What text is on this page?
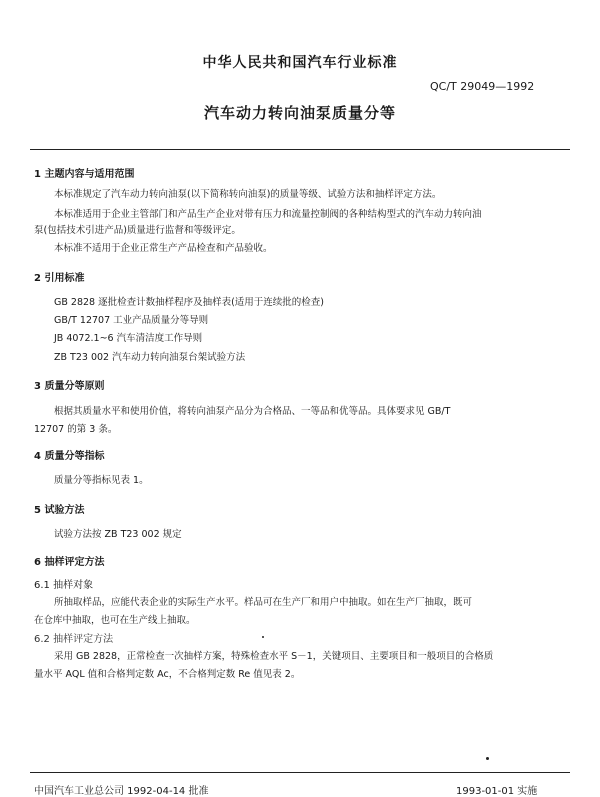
中华人民共和国汽车行业标准
QC/T 29049—1992
汽车动力转向油泵质量分等
1 主题内容与适用范围
本标准规定了汽车动力转向油泵(以下简称转向油泵)的质量等级、试验方法和抽样评定方法。
本标准适用于企业主管部门和产品生产企业对带有压力和流量控制阀的各种结构型式的汽车动力转向油
泵(包括技术引进产品)质量进行监督和等级评定。
本标准不适用于企业正常生产产品检查和产品验收。
2 引用标准
GB 2828 逐批检查计数抽样程序及抽样表(适用于连续批的检查)
GB/T 12707 工业产品质量分等导则
JB 4072.1~6 汽车清洁度工作导则
ZB T23 002 汽车动力转向油泵台架试验方法
3 质量分等原则
根据其质量水平和使用价值，将转向油泵产品分为合格品、一等品和优等品。具体要求见 GB/T
12707 的第 3 条。
4 质量分等指标
质量分等指标见表 1。
5 试验方法
试验方法按 ZB T23 002 规定
6 抽样评定方法
6.1 抽样对象
所抽取样品，应能代表企业的实际生产水平。样品可在生产厂和用户中抽取。如在生产厂抽取，既可
在仓库中抽取，也可在生产线上抽取。
6.2 抽样评定方法
采用 GB 2828，正常检查一次抽样方案，特殊检查水平 S－1，关键项目、主要项目和一般项目的合格质
量水平 AQL 值和合格判定数 Ac，不合格判定数 Re 值见表 2。
中国汽车工业总公司 1992-04-14 批准	1993-01-01 实施
